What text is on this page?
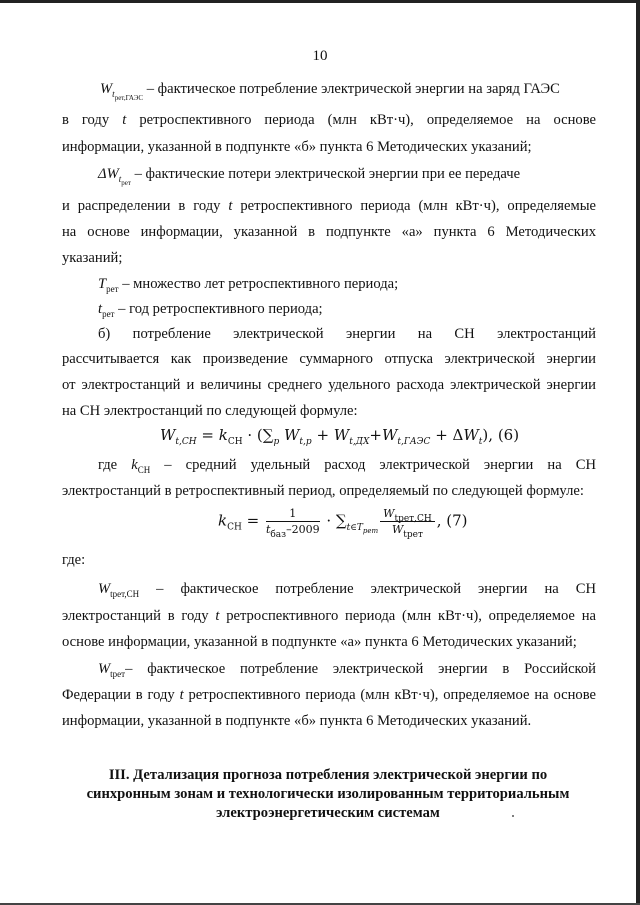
10
$W_{t_{рет,ГАЭС}}$ – фактическое потребление электрической энергии на заряд ГАЭС
в году t ретроспективного периода (млн кВт·ч), определяемое на основе
информации, указанной в подпункте «б» пункта 6 Методических указаний;
$\Delta W_{t_{рет}}$ – фактические потери электрической энергии при ее передаче
и распределении в году t ретроспективного периода (млн кВт·ч), определяемые
на основе информации, указанной в подпункте «а» пункта 6 Методических
указаний;
$T_{рет}$ – множество лет ретроспективного периода;
$t_{рет}$ – год ретроспективного периода;
б) потребление электрической энергии на СН электростанций
рассчитывается как произведение суммарного отпуска электрической энергии
от электростанций и величины среднего удельного расхода электрической энергии
на СН электростанций по следующей формуле:
$W_{t,СН} = k_{СН} \cdot (\sum_p$ $W_{t,p} + W_{t,ДХ}+W_{t,ГАЭС} + \Delta W_t$), (6)
где $k_{СН}$ – средний удельный расход электрической энергии на СН
электростанций в ретроспективный период, определяемый по следующей формуле:
$k_{СН} = \frac{1}{t_{баз}-2009} \cdot \sum_{t\in T_{рет}} \frac{W_{tрет,СН}}{W_{tрет}}$ , (7)
где:
$W_{tрет,СН}$ – фактическое потребление электрической энергии на СН
электростанций в году t ретроспективного периода (млн кВт·ч), определяемое на
основе информации, указанной в подпункте «а» пункта 6 Методических указаний;
$W_{tрет}-$ фактическое потребление электрической энергии в Российской
Федерации в году t ретроспективного периода (млн кВт·ч), определяемое на основе
информации, указанной в подпункте «б» пункта 6 Методических указаний.
III. Детализация прогноза потребления электрической энергии по
синхронным зонам и технологически изолированным территориальным
электроэнергетическим системам
